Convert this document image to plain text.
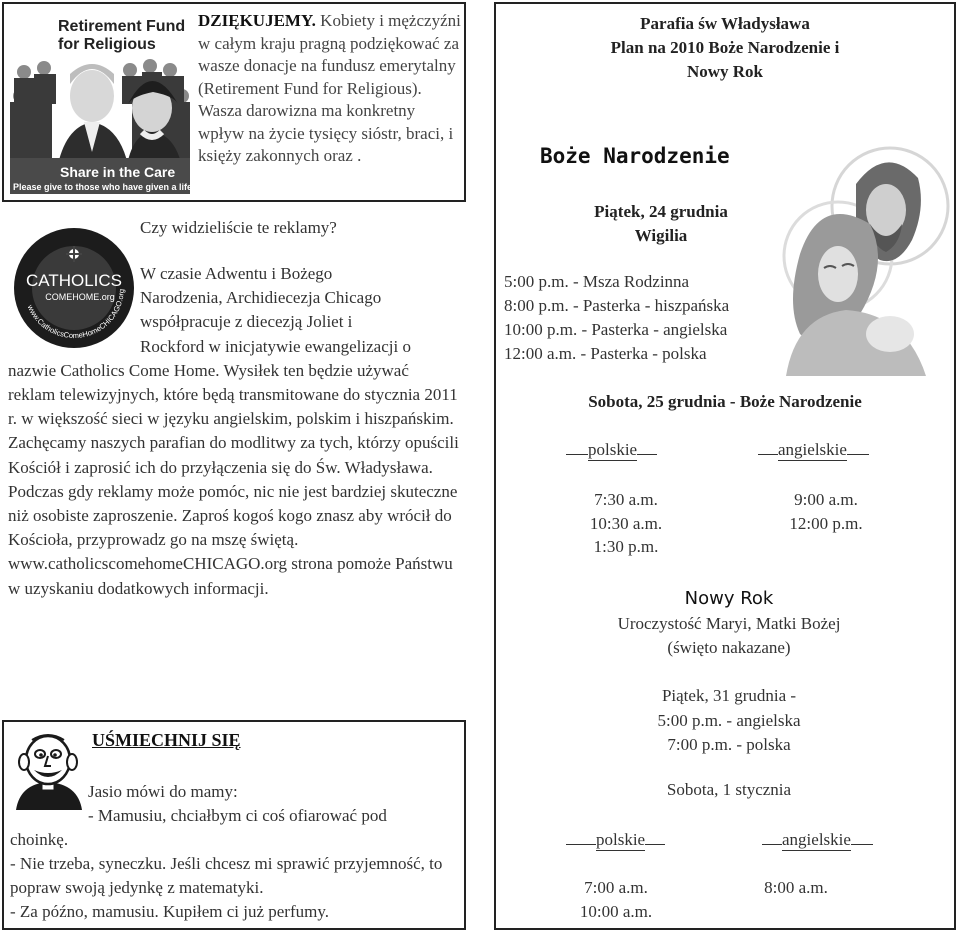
Retirement Fund for Religious
Share in the Care
Please give to those who have given a lifetime.
DZIĘKUJEMY. Kobiety i mężczyźni w całym kraju pragną podziękować za wasze donacje na fundusz emerytalny (Retirement Fund for Religious). Wasza darowizna ma konkretny wpływ na życie tysięcy sióstr, braci, i księży zakonnych oraz .
Czy widzieliście te reklamy?
CATHOLICS
COMEHOME.org
www.CatholicsComeHomeCHICAGO.org
W czasie Adwentu i Bożego
Narodzenia, Archidiecezja Chicago
współpracuje z diecezją Joliet i
Rockford w inicjatywie ewangelizacji o
nazwie Catholics Come Home. Wysiłek ten będzie używać reklam telewizyjnych, które będą transmitowane do stycznia 2011 r. w większość sieci w języku angielskim, polskim i hiszpańskim. Zachęcamy naszych parafian do modlitwy za tych, którzy opuścili Kościół i zaprosić ich do przyłączenia się do Św. Władysława.
Podczas gdy reklamy może pomóc, nic nie jest bardziej skuteczne niż osobiste zaproszenie. Zaproś kogoś kogo znasz aby wrócił do Kościoła, przyprowadz go na mszę świętą. www.catholicscomehomeCHICAGO.org strona pomoże Państwu w uzyskaniu dodatkowych informacji.
UŚMIECHNIJ SIĘ
Jasio mówi do mamy:
- Mamusiu, chciałbym ci coś ofiarować pod
choinkę.
- Nie trzeba, syneczku. Jeśli chcesz mi sprawić przyjemność, to popraw swoją jedynkę z matematyki.
- Za późno, mamusiu. Kupiłem ci już perfumy.
Parafia św Władysława
Plan na 2010 Boże Narodzenie i
Nowy Rok
Boże Narodzenie
Piątek, 24 grudnia
Wigilia
5:00 p.m. - Msza Rodzinna
8:00 p.m. - Pasterka - hiszpańska
10:00 p.m. - Pasterka - angielska
12:00 a.m. - Pasterka - polska
Sobota, 25 grudnia - Boże Narodzenie
polskie	angielskie
7:30 a.m.
10:30 a.m.
1:30 p.m.
9:00 a.m.
12:00 p.m.
Nowy Rok
Uroczystość Maryi, Matki Bożej
(święto nakazane)
Piątek, 31 grudnia -
5:00 p.m. - angielska
7:00 p.m. - polska
Sobota, 1 stycznia
polskie	angielskie
7:00 a.m.
10:00 a.m.
8:00 a.m.
